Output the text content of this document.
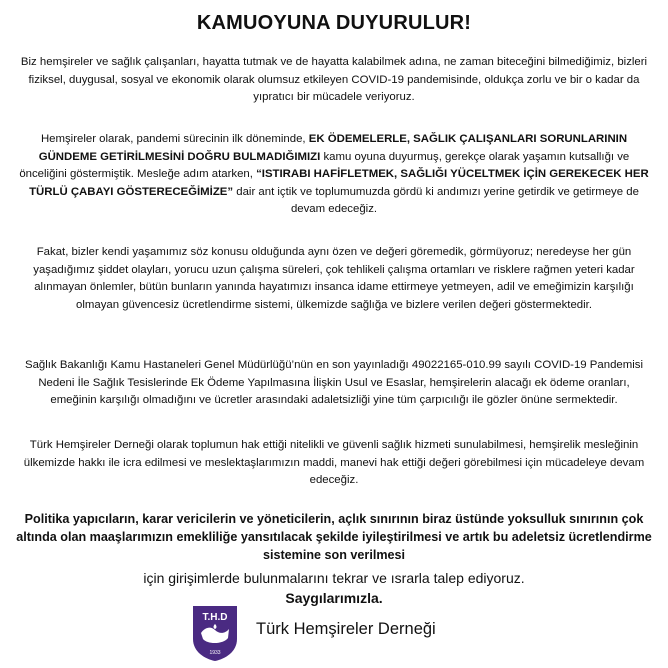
KAMUOYUNA DUYURULUR!

Biz hemşireler ve sağlık çalışanları, hayatta tutmak ve de hayatta kalabilmek adına, ne zaman biteceğini bilmediğimiz, bizleri fiziksel, duygusal, sosyal ve ekonomik olarak olumsuz etkileyen COVID-19 pandemisinde, oldukça zorlu ve bir o kadar da yıpratıcı bir mücadele veriyoruz.

Hemşireler olarak, pandemi sürecinin ilk döneminde, EK ÖDEMELERLE, SAĞLIK ÇALIŞANLARI SORUNLARININ GÜNDEME GETİRİLMESİNİ DOĞRU BULMADIĞIMIZI kamu oyuna duyurmuş, gerekçe olarak yaşamın kutsallığı ve önceliğini göstermiştik. Mesleğe adım atarken, “ISTIRABI HAFİFLETMEK, SAĞLIĞI YÜCELTMEK İÇİN GEREKECEK HER TÜRLÜ ÇABAYI GÖSTERECEĞİMİZE” dair ant içtik ve toplumumuzda gördü ki andımızı yerine getirdik ve getirmeye de devam edeceğiz.

Fakat, bizler kendi yaşamımız söz konusu olduğunda aynı özen ve değeri göremedik, görmüyoruz; neredeyse her gün yaşadığımız şiddet olayları, yorucu uzun çalışma süreleri, çok tehlikeli çalışma ortamları ve risklere rağmen yeteri kadar alınmayan önlemler, bütün bunların yanında hayatımızı insanca idame ettirmeye yetmeyen, adil ve emeğimizin karşılığı olmayan güvencesiz ücretlendirme sistemi, ülkemizde sağlığa ve bizlere verilen değeri göstermektedir.

Sağlık Bakanlığı Kamu Hastaneleri Genel Müdürlüğü’nün en son yayınladığı 49022165-010.99 sayılı COVID-19 Pandemisi Nedeni İle Sağlık Tesislerinde Ek Ödeme Yapılmasına İlişkin Usul ve Esaslar, hemşirelerin alacağı ek ödeme oranları, emeğinin karşılığı olmadığını ve ücretler arasındaki adaletsizliği yine tüm çarpıcılığı ile gözler önüne sermektedir.

Türk Hemşireler Derneği olarak toplumun hak ettiği nitelikli ve güvenli sağlık hizmeti sunulabilmesi, hemşirelik mesleğinin ülkemizde hakkı ile icra edilmesi ve meslektaşlarımızın maddi, manevi hak ettiği değeri görebilmesi için mücadeleye devam edeceğiz.

Politika yapıcıların, karar vericilerin ve yöneticilerin, açlık sınırının biraz üstünde yoksulluk sınırının çok altında olan maaşlarımızın emekliliğe yansıtılacak şekilde iyileştirilmesi ve artık bu adeletsiz ücretlendirme sistemine son verilmesi

için girişimlerde bulunmalarını tekrar ve ısrarla talep ediyoruz.

Saygılarımızla.

T.H.D
1933

Türk Hemşireler Derneği
